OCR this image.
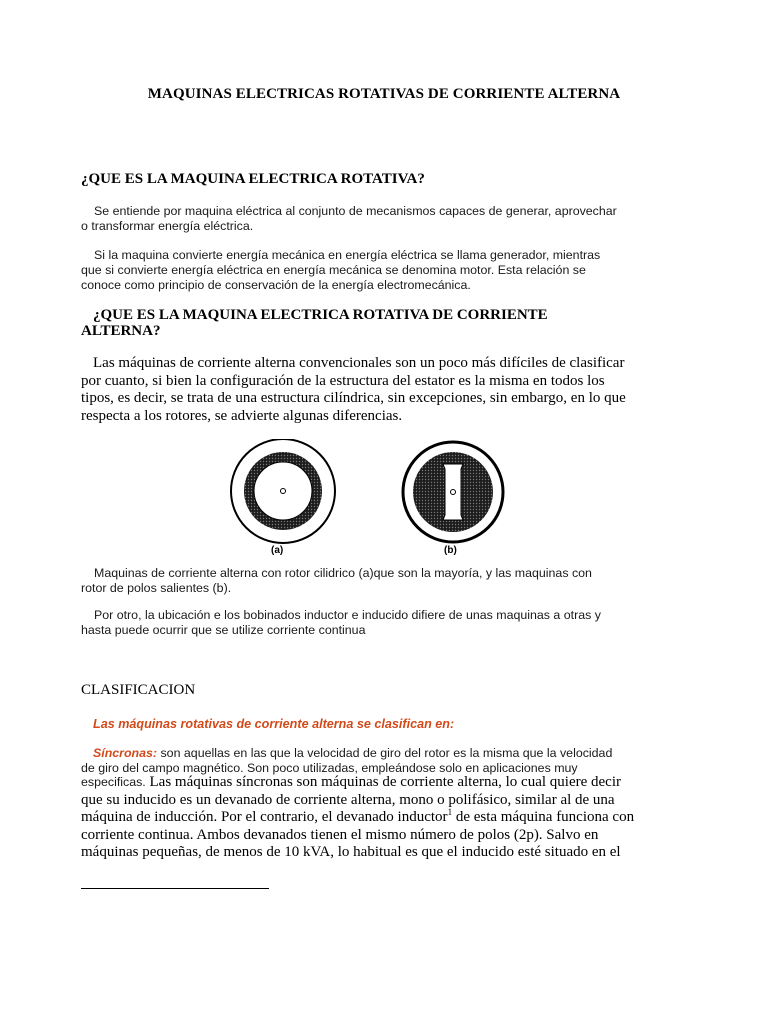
MAQUINAS ELECTRICAS ROTATIVAS DE CORRIENTE ALTERNA
¿QUE ES LA MAQUINA ELECTRICA ROTATIVA?
Se entiende por maquina eléctrica al conjunto de mecanismos capaces de generar, aprovechar
o transformar energía eléctrica.
Si la maquina convierte energía mecánica en energía eléctrica se llama generador, mientras
que si convierte energía eléctrica en energía mecánica se denomina motor. Esta relación se
conoce como principio de conservación de la energía electromecánica.
¿QUE ES LA MAQUINA ELECTRICA ROTATIVA DE CORRIENTE
ALTERNA?
Las máquinas de corriente alterna convencionales son un poco más difíciles de clasificar
por cuanto, si bien la configuración de la estructura del estator es la misma en todos los
tipos, es decir, se trata de una estructura cilíndrica, sin excepciones, sin embargo, en lo que
respecta a los rotores, se advierte algunas diferencias.
(a)	(b)
Maquinas de corriente alterna con rotor cilidrico (a)que son la mayoría, y las maquinas con
rotor de polos salientes (b).
Por otro, la ubicación e los bobinados inductor e inducido difiere de unas maquinas a otras y
hasta puede ocurrir que se utilize corriente continua
CLASIFICACION
Las máquinas rotativas de corriente alterna se clasifican en:
Síncronas: son aquellas en las que la velocidad de giro del rotor es la misma que la velocidad
de giro del campo magnético. Son poco utilizadas, empleándose solo en aplicaciones muy
especificas. Las máquinas síncronas son máquinas de corriente alterna, lo cual quiere decir
que su inducido es un devanado de corriente alterna, mono o polifásico, similar al de una
máquina de inducción. Por el contrario, el devanado inductor$^1$ de esta máquina funciona con
corriente continua. Ambos devanados tienen el mismo número de polos (2p). Salvo en
máquinas pequeñas, de menos de 10 kVA, lo habitual es que el inducido esté situado en el
